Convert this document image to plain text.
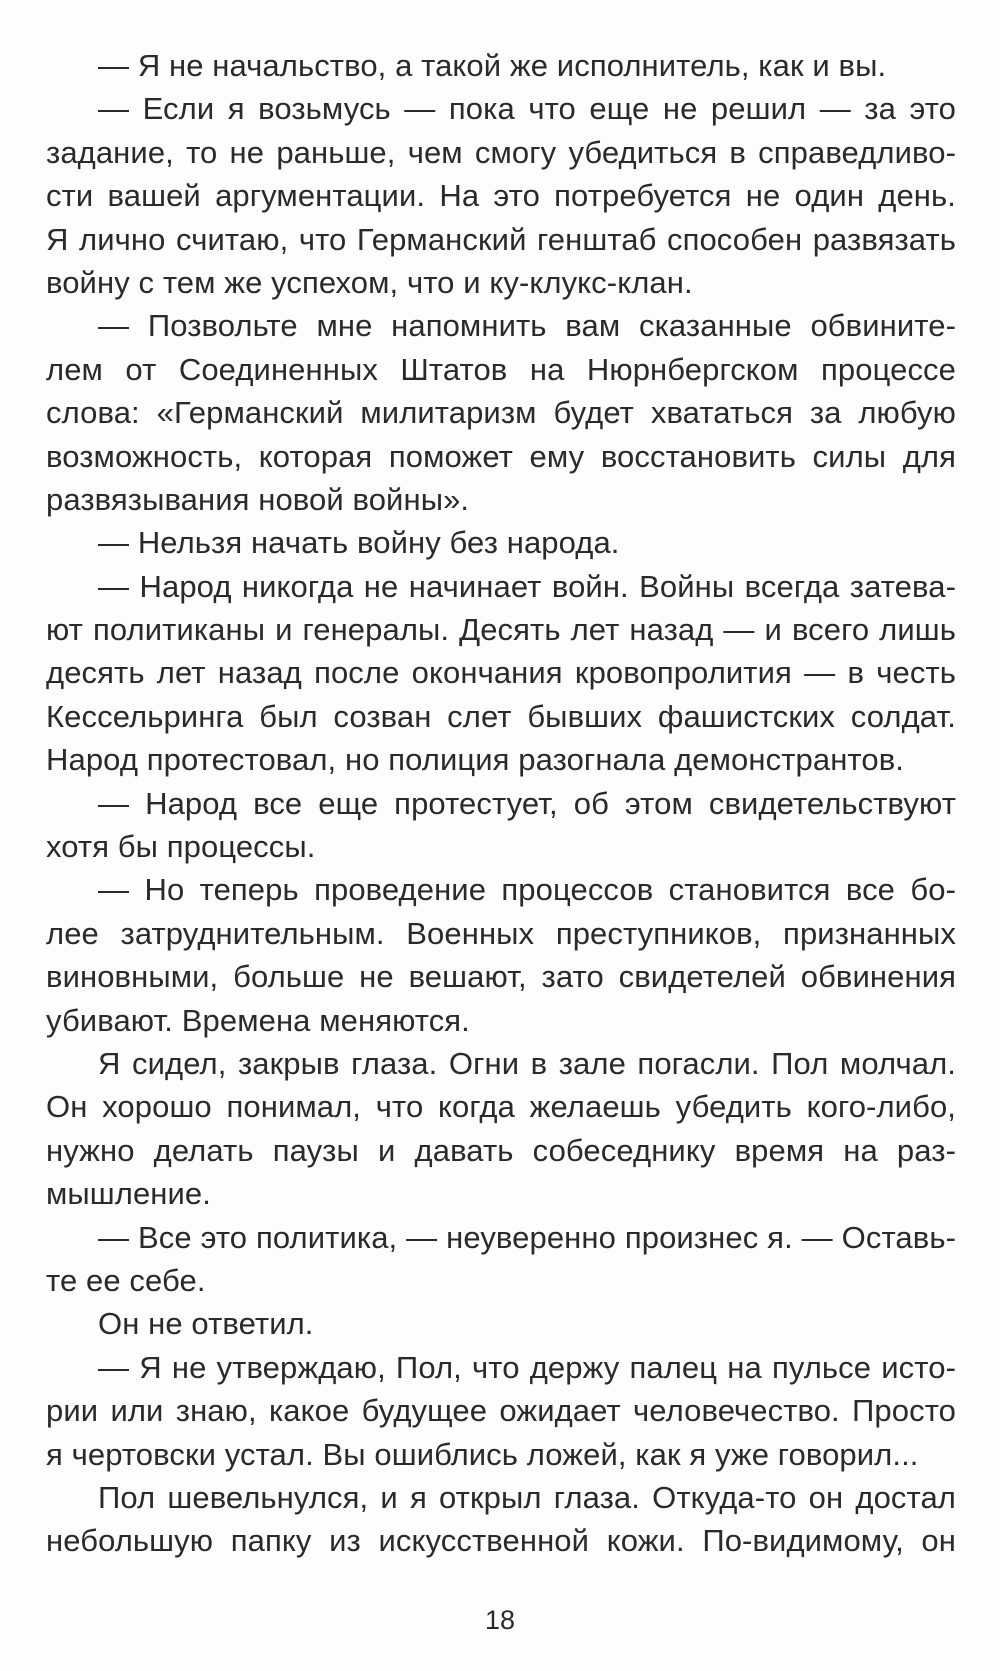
— Я не начальство, а такой же исполнитель, как и вы.
— Если я возьмусь — пока что еще не решил — за это
задание, то не раньше, чем смогу убедиться в справедливо-
сти вашей аргументации. На это потребуется не один день.
Я лично считаю, что Германский генштаб способен развязать
войну с тем же успехом, что и ку-клукс-клан.
— Позвольте мне напомнить вам сказанные обвините-
лем от Соединенных Штатов на Нюрнбергском процессе
слова: «Германский милитаризм будет хвататься за любую
возможность, которая поможет ему восстановить силы для
развязывания новой войны».
— Нельзя начать войну без народа.
— Народ никогда не начинает войн. Войны всегда затева-
ют политиканы и генералы. Десять лет назад — и всего лишь
десять лет назад после окончания кровопролития — в честь
Кессельринга был созван слет бывших фашистских солдат.
Народ протестовал, но полиция разогнала демонстрантов.
— Народ все еще протестует, об этом свидетельствуют
хотя бы процессы.
— Но теперь проведение процессов становится все бо-
лее затруднительным. Военных преступников, признанных
виновными, больше не вешают, зато свидетелей обвинения
убивают. Времена меняются.
Я сидел, закрыв глаза. Огни в зале погасли. Пол молчал.
Он хорошо понимал, что когда желаешь убедить кого-либо,
нужно делать паузы и давать собеседнику время на раз-
мышление.
— Все это политика, — неуверенно произнес я. — Оставь-
те ее себе.
Он не ответил.
— Я не утверждаю, Пол, что держу палец на пульсе исто-
рии или знаю, какое будущее ожидает человечество. Просто
я чертовски устал. Вы ошиблись ложей, как я уже говорил...
Пол шевельнулся, и я открыл глаза. Откуда-то он достал
небольшую папку из искусственной кожи. По-видимому, он
18
